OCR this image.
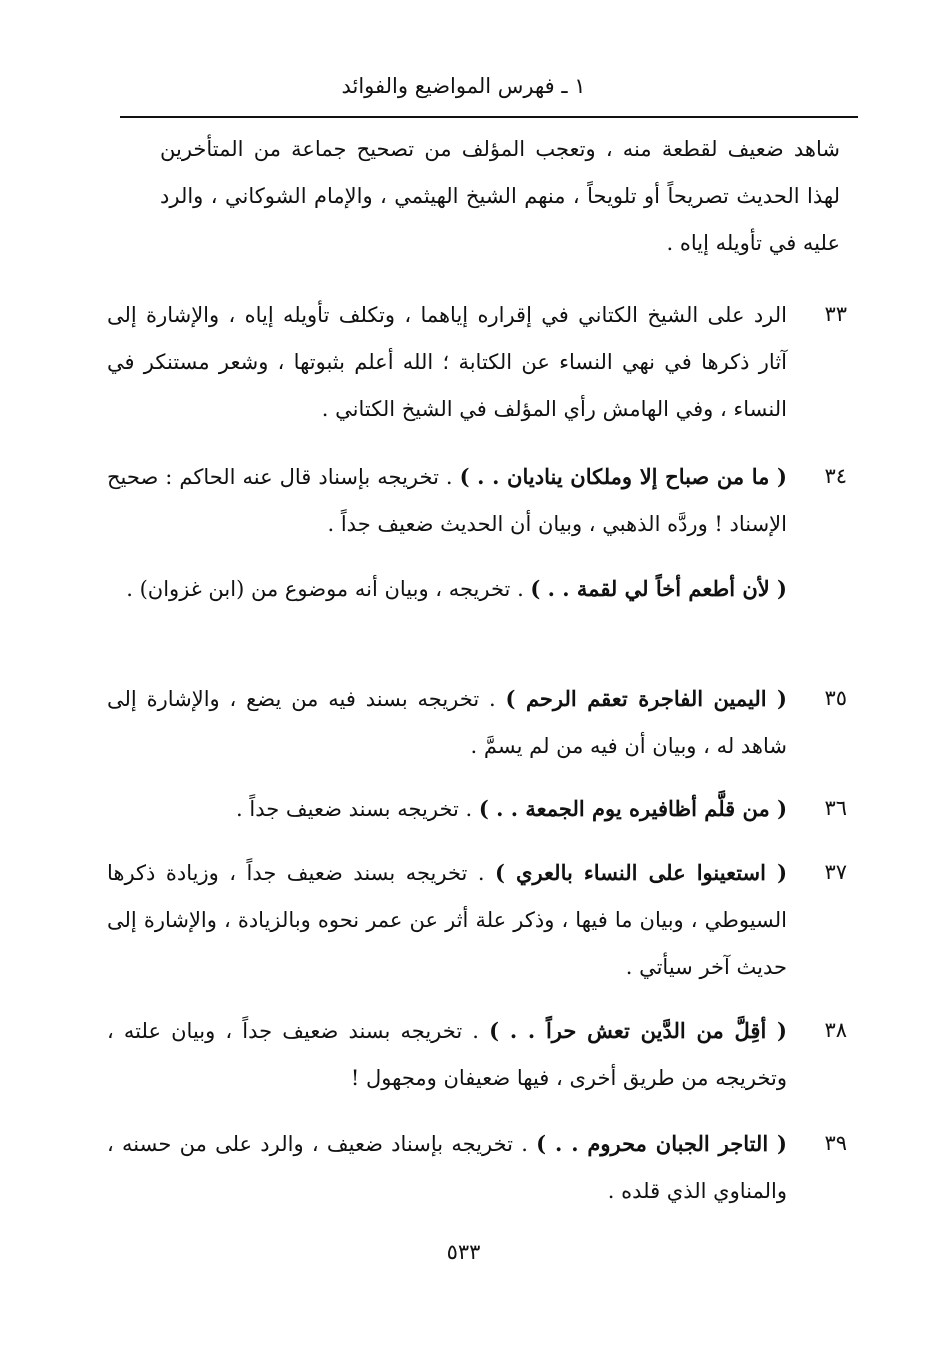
١ ـ فهرس المواضيع والفوائد
شاهد ضعيف لقطعة منه ، وتعجب المؤلف من تصحيح جماعة من المتأخرين لهذا الحديث تصريحاً أو تلويحاً ، منهم الشيخ الهيثمي ، والإمام الشوكاني ، والرد عليه في تأويله إياه .
٣٣
الرد على الشيخ الكتاني في إقراره إياهما ، وتكلف تأويله إياه ، والإشارة إلى آثار ذكرها في نهي النساء عن الكتابة ؛ الله أعلم بثبوتها ، وشعر مستنكر في النساء ، وفي الهامش رأي المؤلف في الشيخ الكتاني .
٣٤
( ما من صباح إلا وملكان يناديان . . ) . تخريجه بإسناد قال عنه الحاكم : صحيح الإسناد ! وردَّه الذهبي ، وبيان أن الحديث ضعيف جداً .
( لأن أطعم أخاً لي لقمة . . ) . تخريجه ، وبيان أنه موضوع من (ابن غزوان) .
٣٥
( اليمين الفاجرة تعقم الرحم ) . تخريجه بسند فيه من يضع ، والإشارة إلى شاهد له ، وبيان أن فيه من لم يسمَّ .
٣٦
( من قلَّم أظافيره يوم الجمعة . . ) . تخريجه بسند ضعيف جداً .
٣٧
( استعينوا على النساء بالعري ) . تخريجه بسند ضعيف جداً ، وزيادة ذكرها السيوطي ، وبيان ما فيها ، وذكر علة أثر عن عمر نحوه وبالزيادة ، والإشارة إلى حديث آخر سيأتي .
٣٨
( أقِلَّ من الدَّين تعش حراً . . ) . تخريجه بسند ضعيف جداً ، وبيان علته ، وتخريجه من طريق أخرى ، فيها ضعيفان ومجهول !
٣٩
( التاجر الجبان محروم . . ) . تخريجه بإسناد ضعيف ، والرد على من حسنه ، والمناوي الذي قلده .
٥٣٣
